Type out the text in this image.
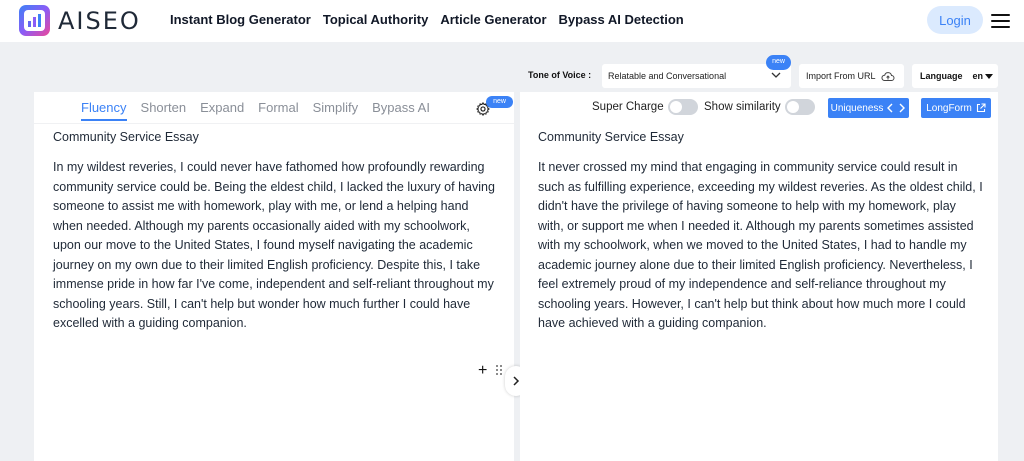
AISEO Instant Blog Generator Topical Authority Article Generator Bypass AI Detection	Login
Tone of Voice : Relatable and Conversational
new
Import From URL	Language en
Fluency Shorten Expand Formal Simplify Bypass AI	new
Community Service Essay
In my wildest reveries, I could never have fathomed how profoundly rewarding community service could be. Being the eldest child, I lacked the luxury of having someone to assist me with homework, play with me, or lend a helping hand when needed. Although my parents occasionally aided with my schoolwork, upon our move to the United States, I found myself navigating the academic journey on my own due to their limited English proficiency. Despite this, I take immense pride in how far I've come, independent and self-reliant throughout my schooling years. Still, I can't help but wonder how much further I could have excelled with a guiding companion.
+
Super Charge	Show similarity	Uniqueness	LongForm
Community Service Essay
It never crossed my mind that engaging in community service could result in such as fulfilling experience, exceeding my wildest reveries. As the oldest child, I didn't have the privilege of having someone to help with my homework, play with, or support me when I needed it. Although my parents sometimes assisted with my schoolwork, when we moved to the United States, I had to handle my academic journey alone due to their limited English proficiency. Nevertheless, I feel extremely proud of my independence and self-reliance throughout my schooling years. However, I can't help but think about how much more I could have achieved with a guiding companion.
